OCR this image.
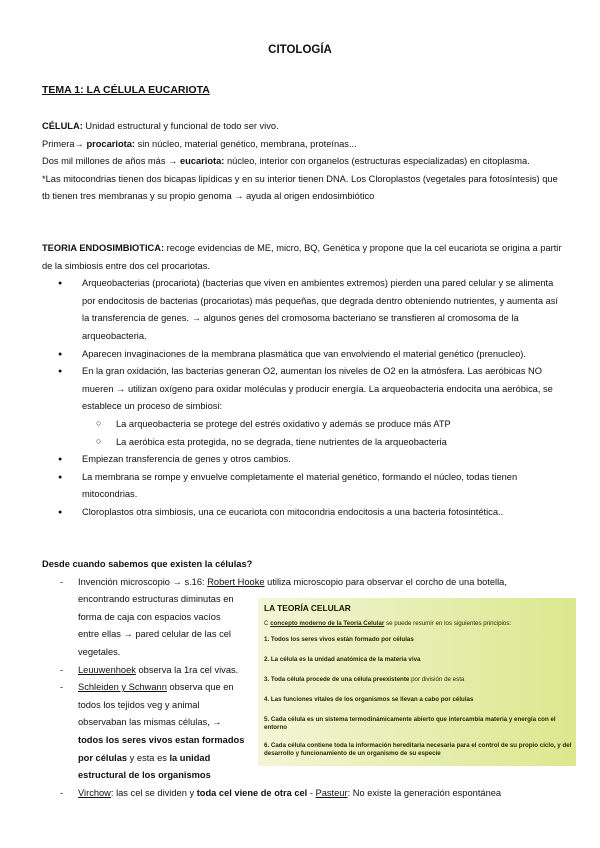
CITOLOGÍA
TEMA 1: LA CÉLULA EUCARIOTA

CÉLULA: Unidad estructural y funcional de todo ser vivo.

Primera→ procariota: sin núcleo, material genético, membrana, proteínas...

Dos mil millones de años más → eucariota: núcleo, interior con organelos (estructuras especializadas) en citoplasma.

*Las mitocondrias tienen dos bicapas lipídicas y en su interior tienen DNA. Los Cloroplastos (vegetales para fotosíntesis) que tb tienen tres membranas y su propio genoma → ayuda al origen endosimbiótico

TEORIA ENDOSIMBIOTICA: recoge evidencias de ME, micro, BQ, Genética y propone que la cel eucariota se origina a partir de la simbiosis entre dos cel procariotas.

● Arqueobacterias (procariota) (bacterias que viven en ambientes extremos) pierden una pared celular y se alimenta por endocitosis de bacterias (procariotas) más pequeñas, que degrada dentro obteniendo nutrientes, y aumenta así la transferencia de genes. → algunos genes del cromosoma bacteriano se transfieren al cromosoma de la arqueobacteria.
● Aparecen invaginaciones de la membrana plasmática que van envolviendo el material genético (prenucleo).
● En la gran oxidación, las bacterias generan O2, aumentan los niveles de O2 en la atmósfera. Las aeróbicas NO mueren → utilizan oxígeno para oxidar moléculas y producir energía. La arqueobacteria endocita una aeróbica, se establece un proceso de simbiosi:
○ La arqueobacteria se protege del estrés oxidativo y además se produce más ATP
○ La aeróbica esta protegida, no se degrada, tiene nutrientes de la arqueobacteria
● Empiezan transferencia de genes y otros cambios.
● La membrana se rompe y envuelve completamente el material genético, formando el núcleo, todas tienen mitocondrias.
● Cloroplastos otra simbiosis, una ce eucariota con mitocondria endocitosis a una bacteria fotosintética..

Desde cuando sabemos que existen la células?

- Invención microscopio → s.16: Robert Hooke utiliza microscopio para observar el corcho de una botella,

encontrando estructuras diminutas en

forma de caja con espacios vacíos

entre ellas → pared celular de las cel

vegetales.

- Leuuwenhoek observa la 1ra cel vivas.
- Schleiden y Schwann observa que en

todos los tejidos veg y animal

observaban las mismas células, →

todos los seres vivos estan formados

por células y esta es la unidad

estructural de los organismos

- Virchow: las cel se dividen y toda cel viene de otra cel - Pasteur: No existe la generación espontánea
LA TEORÍA CELULAR
C concepto moderno de la Teoría Celular se puede resumir en los siguientes principios:
1. Todos los seres vivos están formado por células
2. La célula es la unidad anatómica de la materia viva
3. Toda célula procede de una célula preexistente por división de esta
4. Las funciones vitales de los organismos se llevan a cabo por células
5. Cada célula es un sistema termodinámicamente abierto que intercambia materia y energía con el entorno
6. Cada célula contiene toda la información hereditaria necesaria para el control de su propio ciclo, y del desarrollo y funcionamiento de un organismo de su especie
